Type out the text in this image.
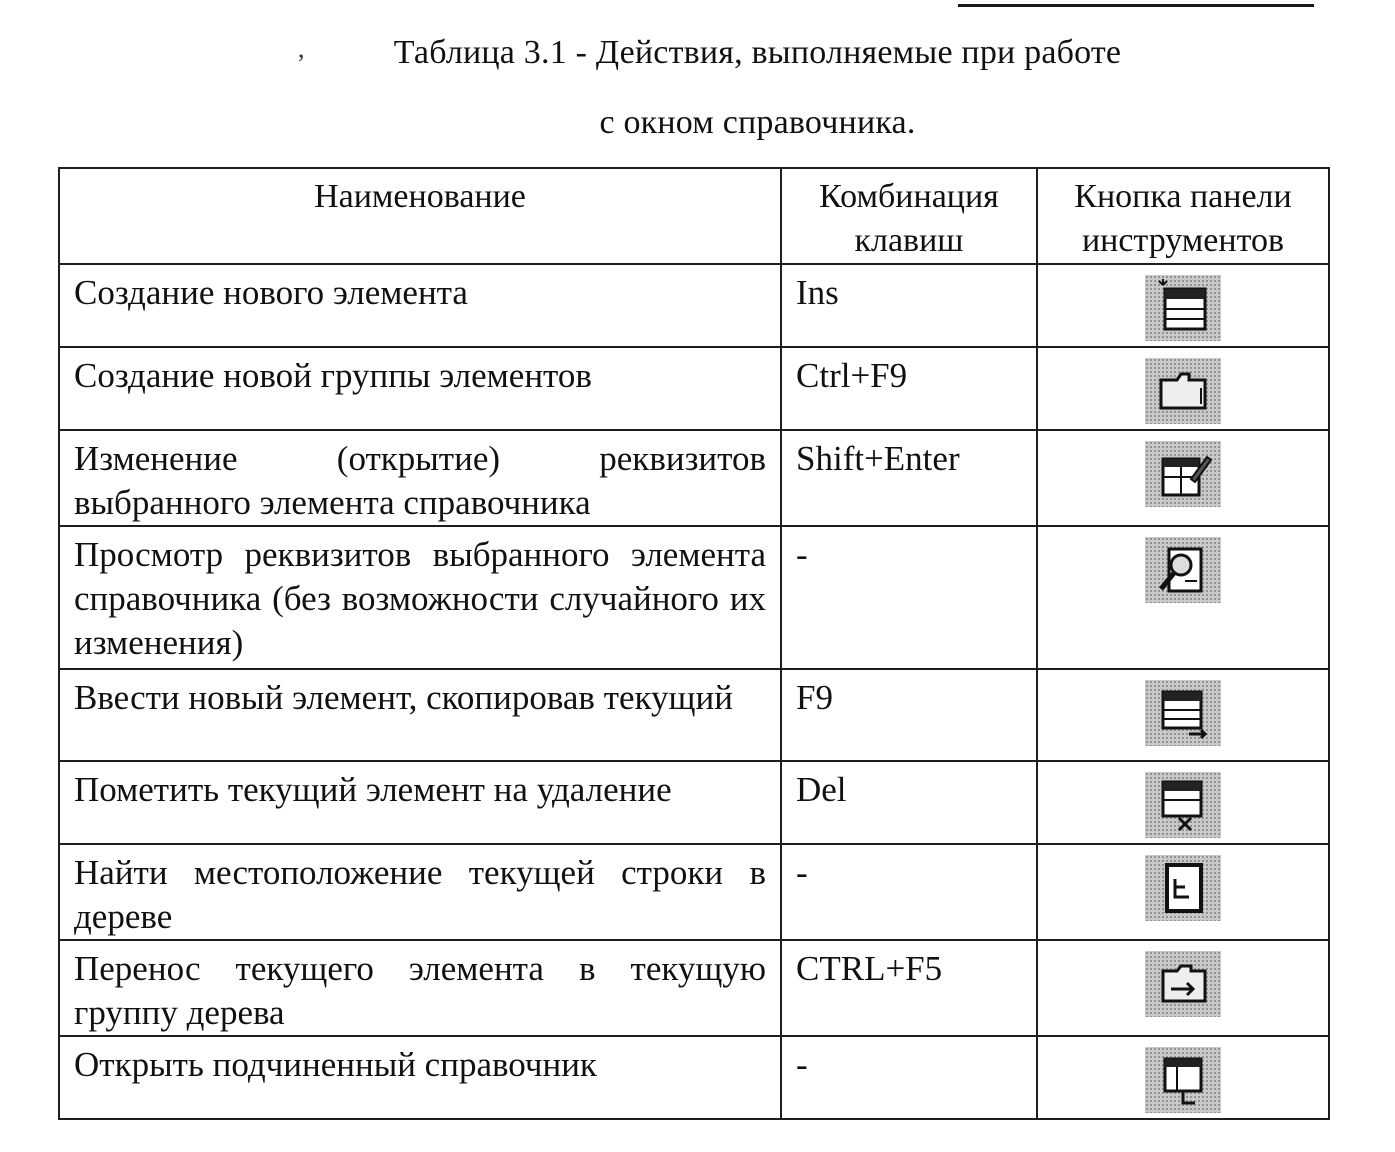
,	Таблица 3.1 - Действия, выполняемые при работе
с окном справочника.
Наименование	Комбинация клавиш	Кнопка панели инструментов
Создание нового элемента	Ins	

Создание новой группы элементов	Ctrl+F9	

Изменение (открытие) реквизитов выбранного элемента справочника	Shift+Enter	

Просмотр реквизитов выбранного элемента справочника (без возможности случайного их изменения)	-	

Ввести новый элемент, скопировав текущий	F9	

Пометить текущий элемент на удаление	Del	

Найти местоположение текущей строки в дереве	-	

Перенос текущего элемента в текущую группу дерева	CTRL+F5	

Открыть подчиненный справочник	-	
